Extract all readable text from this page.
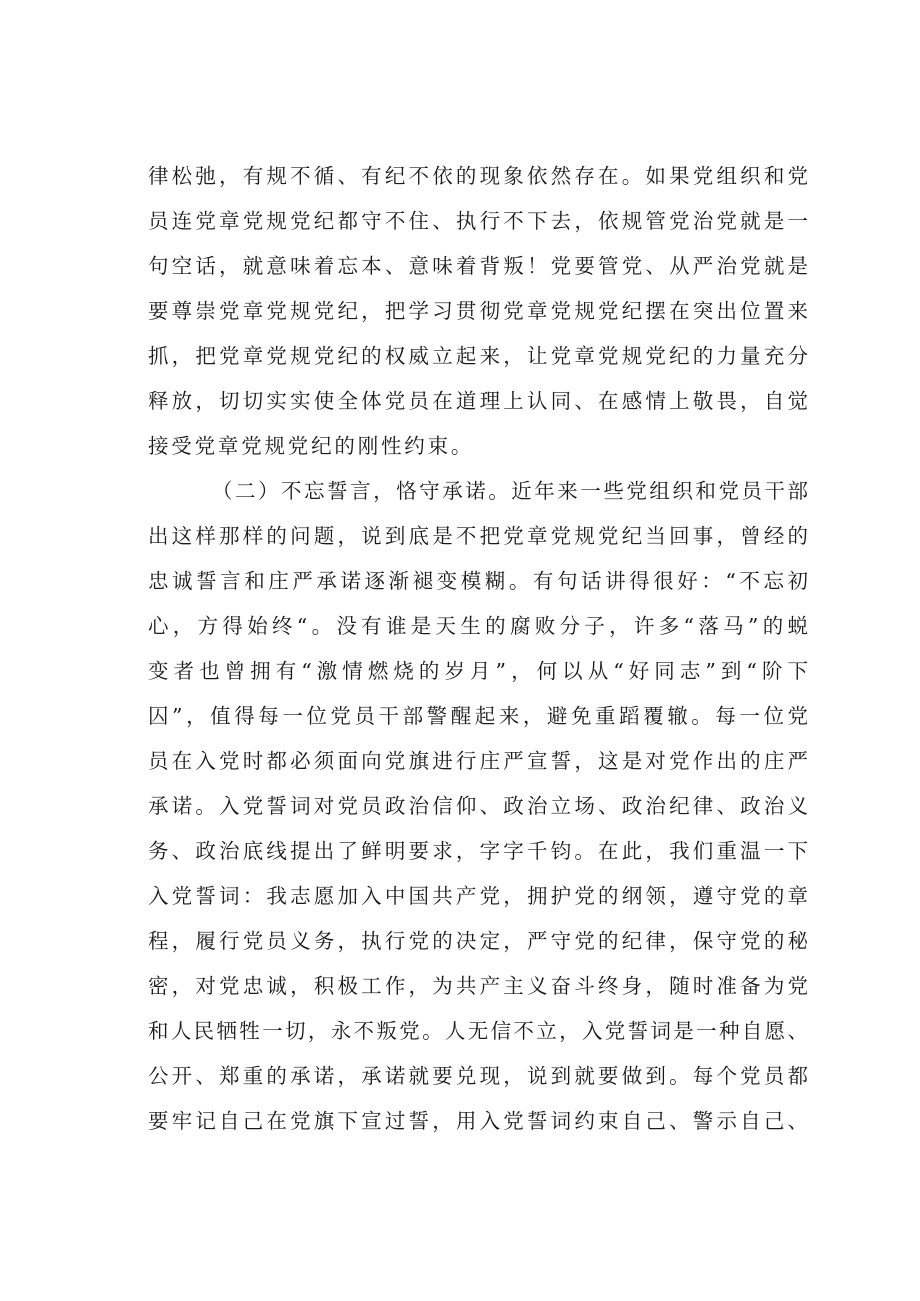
律松弛，有规不循、有纪不依的现象依然存在。如果党组织和党
员连党章党规党纪都守不住、执行不下去，依规管党治党就是一
句空话，就意味着忘本、意味着背叛！党要管党、从严治党就是
要尊崇党章党规党纪，把学习贯彻党章党规党纪摆在突出位置来
抓，把党章党规党纪的权威立起来，让党章党规党纪的力量充分
释放，切切实实使全体党员在道理上认同、在感情上敬畏，自觉
接受党章党规党纪的刚性约束。
（二）不忘誓言，恪守承诺。近年来一些党组织和党员干部
出这样那样的问题，说到底是不把党章党规党纪当回事，曾经的
忠诚誓言和庄严承诺逐渐褪变模糊。有句话讲得很好：“不忘初
心，方得始终“。没有谁是天生的腐败分子，许多“落马”的蜕
变者也曾拥有“激情燃烧的岁月”，何以从“好同志”到“阶下
囚”，值得每一位党员干部警醒起来，避免重蹈覆辙。每一位党
员在入党时都必须面向党旗进行庄严宣誓，这是对党作出的庄严
承诺。入党誓词对党员政治信仰、政治立场、政治纪律、政治义
务、政治底线提出了鲜明要求，字字千钧。在此，我们重温一下
入党誓词：我志愿加入中国共产党，拥护党的纲领，遵守党的章
程，履行党员义务，执行党的决定，严守党的纪律，保守党的秘
密，对党忠诚，积极工作，为共产主义奋斗终身，随时准备为党
和人民牺牲一切，永不叛党。人无信不立，入党誓词是一种自愿、
公开、郑重的承诺，承诺就要兑现，说到就要做到。每个党员都
要牢记自己在党旗下宣过誓，用入党誓词约束自己、警示自己、
